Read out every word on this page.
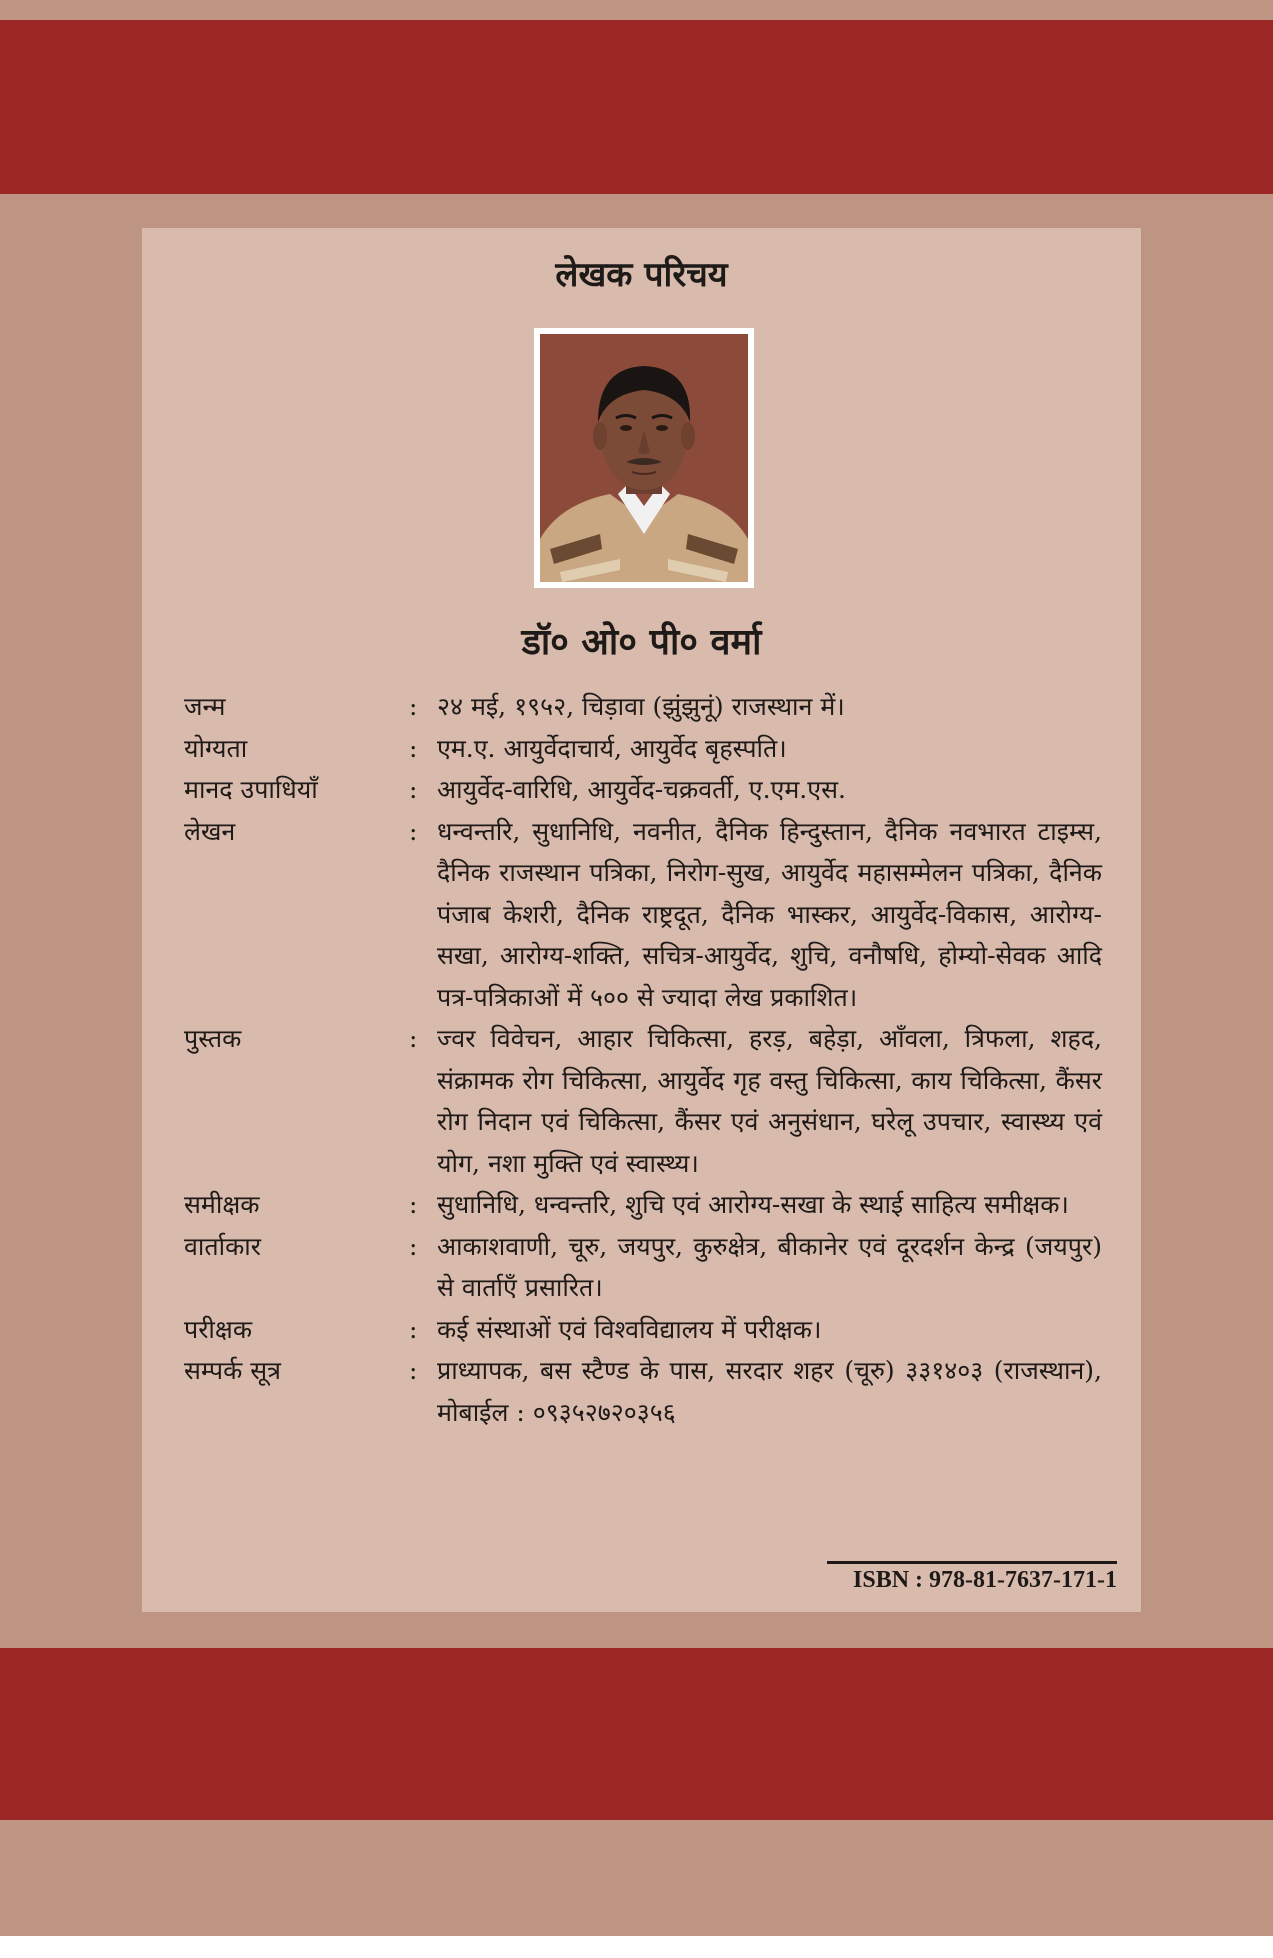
लेखक परिचय
डॉ० ओ० पी० वर्मा
जन्म	: २४ मई, १९५२, चिड़ावा (झुंझुनूं) राजस्थान में।
योग्यता	: एम.ए. आयुर्वेदाचार्य, आयुर्वेद बृहस्पति।
मानद उपाधियाँ	: आयुर्वेद-वारिधि, आयुर्वेद-चक्रवर्ती, ए.एम.एस.
लेखन	: धन्वन्तरि, सुधानिधि, नवनीत, दैनिक हिन्दुस्तान, दैनिक नवभारत टाइम्स, दैनिक राजस्थान पत्रिका, निरोग-सुख, आयुर्वेद महासम्मेलन पत्रिका, दैनिक पंजाब केशरी, दैनिक राष्ट्रदूत, दैनिक भास्कर, आयुर्वेद-विकास, आरोग्य-सखा, आरोग्य-शक्ति, सचित्र-आयुर्वेद, शुचि, वनौषधि, होम्यो-सेवक आदि पत्र-पत्रिकाओं में ५०० से ज्यादा लेख प्रकाशित।
पुस्तक	: ज्वर विवेचन, आहार चिकित्सा, हरड़, बहेड़ा, आँवला, त्रिफला, शहद, संक्रामक रोग चिकित्सा, आयुर्वेद गृह वस्तु चिकित्सा, काय चिकित्सा, कैंसर रोग निदान एवं चिकित्सा, कैंसर एवं अनुसंधान, घरेलू उपचार, स्वास्थ्य एवं योग, नशा मुक्ति एवं स्वास्थ्य।
समीक्षक	: सुधानिधि, धन्वन्तरि, शुचि एवं आरोग्य-सखा के स्थाई साहित्य समीक्षक।
वार्ताकार	: आकाशवाणी, चूरु, जयपुर, कुरुक्षेत्र, बीकानेर एवं दूरदर्शन केन्द्र (जयपुर) से वार्ताएँ प्रसारित।
परीक्षक	: कई संस्थाओं एवं विश्वविद्यालय में परीक्षक।
सम्पर्क सूत्र	: प्राध्यापक, बस स्टैण्ड के पास, सरदार शहर (चूरु) ३३१४०३ (राजस्थान), मोबाईल : ०९३५२७२०३५६
ISBN : 978-81-7637-171-1
